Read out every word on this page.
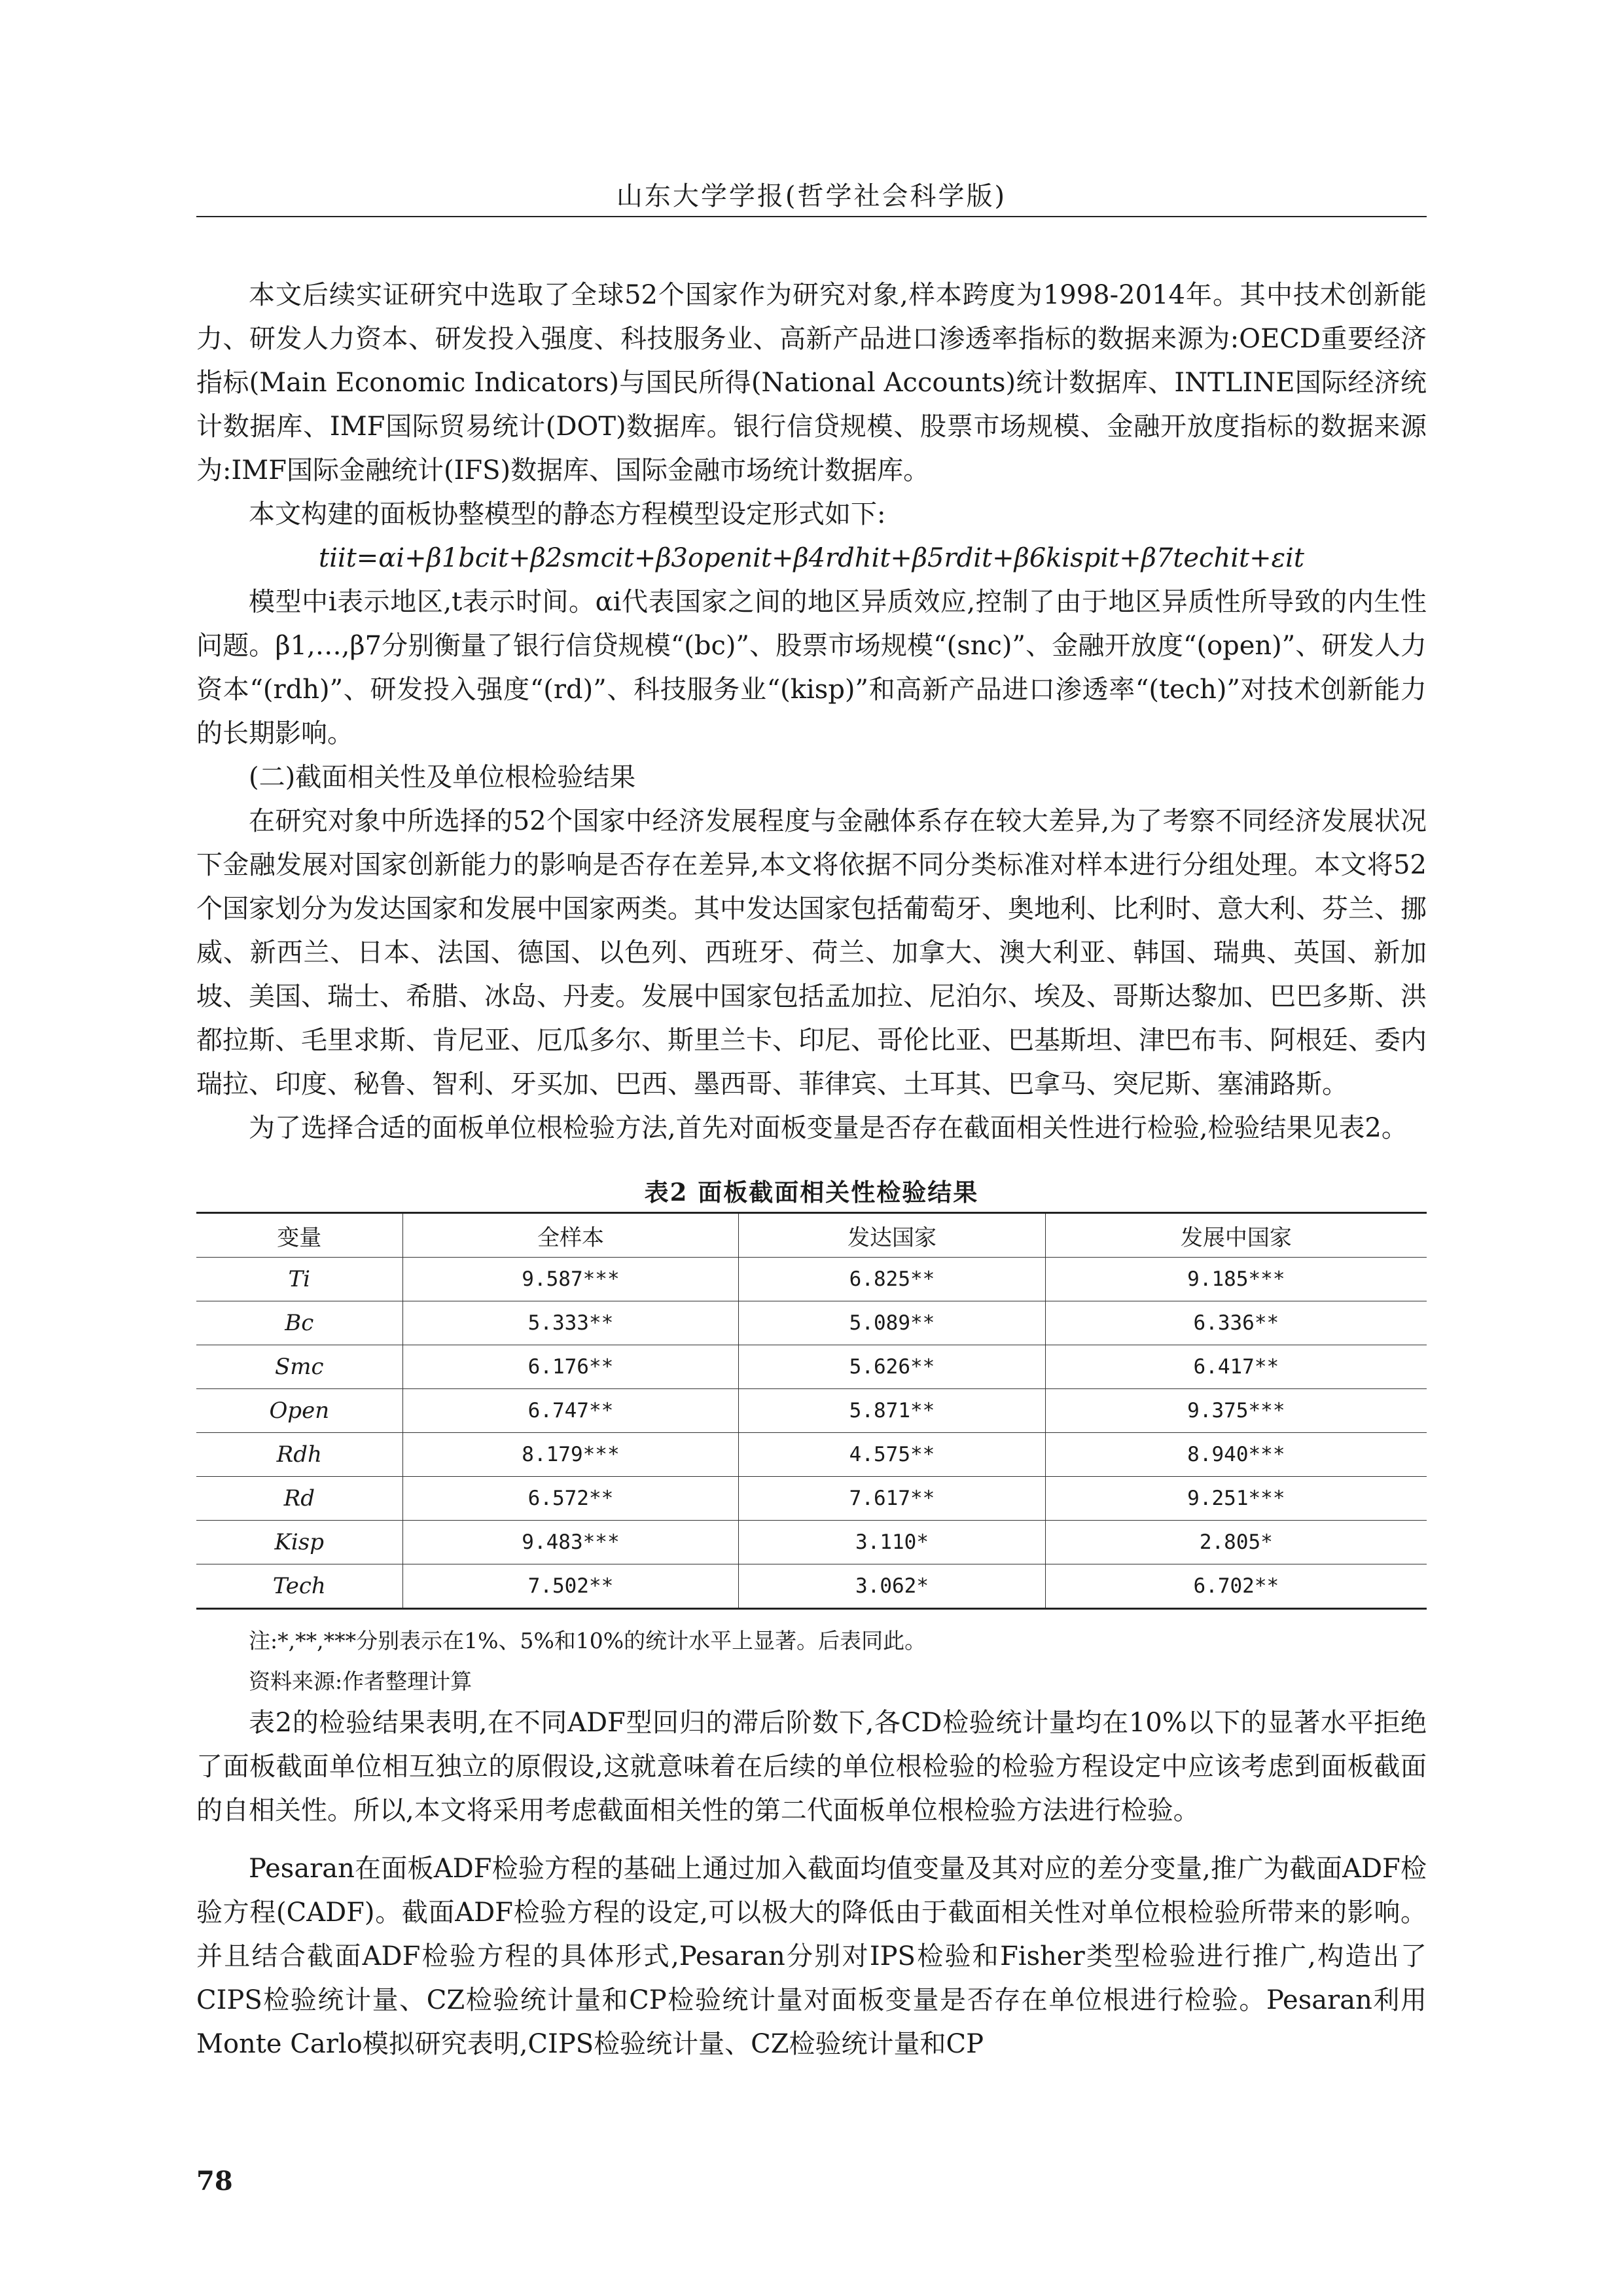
山东大学学报(哲学社会科学版)

本文后续实证研究中选取了全球52个国家作为研究对象,样本跨度为1998-2014年。其中技术创新能力、研发人力资本、研发投入强度、科技服务业、高新产品进口渗透率指标的数据来源为:OECD重要经济指标(Main Economic Indicators)与国民所得(National Accounts)统计数据库、INTLINE国际经济统计数据库、IMF国际贸易统计(DOT)数据库。银行信贷规模、股票市场规模、金融开放度指标的数据来源为:IMF国际金融统计(IFS)数据库、国际金融市场统计数据库。

本文构建的面板协整模型的静态方程模型设定形式如下:

tiit=αi+β1bcit+β2smcit+β3openit+β4rdhit+β5rdit+β6kispit+β7techit+εit

模型中i表示地区,t表示时间。αi代表国家之间的地区异质效应,控制了由于地区异质性所导致的内生性问题。β1,…,β7分别衡量了银行信贷规模“(bc)”、股票市场规模“(snc)”、金融开放度“(open)”、研发人力资本“(rdh)”、研发投入强度“(rd)”、科技服务业“(kisp)”和高新产品进口渗透率“(tech)”对技术创新能力的长期影响。

(二)截面相关性及单位根检验结果

在研究对象中所选择的52个国家中经济发展程度与金融体系存在较大差异,为了考察不同经济发展状况下金融发展对国家创新能力的影响是否存在差异,本文将依据不同分类标准对样本进行分组处理。本文将52个国家划分为发达国家和发展中国家两类。其中发达国家包括葡萄牙、奥地利、比利时、意大利、芬兰、挪威、新西兰、日本、法国、德国、以色列、西班牙、荷兰、加拿大、澳大利亚、韩国、瑞典、英国、新加坡、美国、瑞士、希腊、冰岛、丹麦。发展中国家包括孟加拉、尼泊尔、埃及、哥斯达黎加、巴巴多斯、洪都拉斯、毛里求斯、肯尼亚、厄瓜多尔、斯里兰卡、印尼、哥伦比亚、巴基斯坦、津巴布韦、阿根廷、委内瑞拉、印度、秘鲁、智利、牙买加、巴西、墨西哥、菲律宾、土耳其、巴拿马、突尼斯、塞浦路斯。

为了选择合适的面板单位根检验方法,首先对面板变量是否存在截面相关性进行检验,检验结果见表2。

表2 面板截面相关性检验结果
变量	全样本	发达国家	发展中国家
Ti	9.587***	6.825**	9.185***
Bc	5.333**	5.089**	6.336**
Smc	6.176**	5.626**	6.417**
Open	6.747**	5.871**	9.375***
Rdh	8.179***	4.575**	8.940***
Rd	6.572**	7.617**	9.251***
Kisp	9.483***	3.110*	2.805*
Tech	7.502**	3.062*	6.702**
注:*,**,***分别表示在1%、5%和10%的统计水平上显著。后表同此。
资料来源:作者整理计算

表2的检验结果表明,在不同ADF型回归的滞后阶数下,各CD检验统计量均在10%以下的显著水平拒绝了面板截面单位相互独立的原假设,这就意味着在后续的单位根检验的检验方程设定中应该考虑到面板截面的自相关性。所以,本文将采用考虑截面相关性的第二代面板单位根检验方法进行检验。

Pesaran在面板ADF检验方程的基础上通过加入截面均值变量及其对应的差分变量,推广为截面ADF检验方程(CADF)。截面ADF检验方程的设定,可以极大的降低由于截面相关性对单位根检验所带来的影响。并且结合截面ADF检验方程的具体形式,Pesaran分别对IPS检验和Fisher类型检验进行推广,构造出了CIPS检验统计量、CZ检验统计量和CP检验统计量对面板变量是否存在单位根进行检验。Pesaran利用Monte Carlo模拟研究表明,CIPS检验统计量、CZ检验统计量和CP

78
